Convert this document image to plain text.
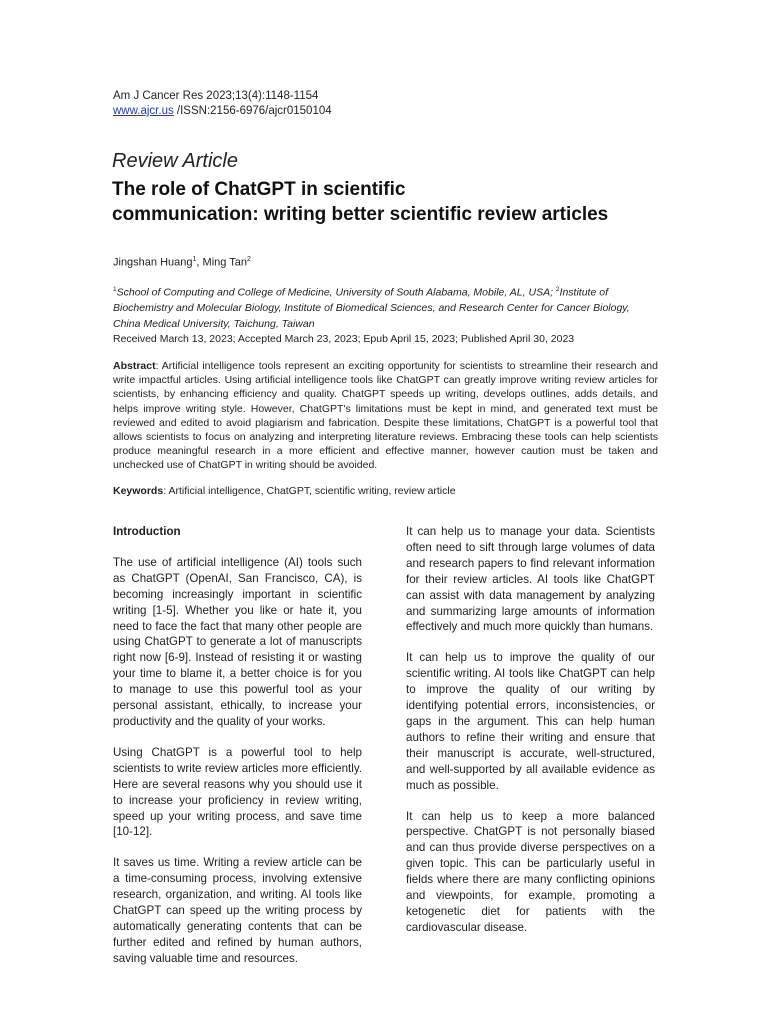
Am J Cancer Res 2023;13(4):1148-1154
www.ajcr.us /ISSN:2156-6976/ajcr0150104
Review Article
The role of ChatGPT in scientific
communication: writing better scientific review articles
Jingshan Huang$^1$, Ming Tan$^2$
$^1$School of Computing and College of Medicine, University of South Alabama, Mobile, AL, USA; $^2$Institute of Biochemistry and Molecular Biology, Institute of Biomedical Sciences, and Research Center for Cancer Biology, China Medical University, Taichung, Taiwan
Received March 13, 2023; Accepted March 23, 2023; Epub April 15, 2023; Published April 30, 2023
Abstract: Artificial intelligence tools represent an exciting opportunity for scientists to streamline their research and write impactful articles. Using artificial intelligence tools like ChatGPT can greatly improve writing review articles for scientists, by enhancing efficiency and quality. ChatGPT speeds up writing, develops outlines, adds details, and helps improve writing style. However, ChatGPT's limitations must be kept in mind, and generated text must be reviewed and edited to avoid plagiarism and fabrication. Despite these limitations, ChatGPT is a powerful tool that allows scientists to focus on analyzing and interpreting literature reviews. Embracing these tools can help scientists produce meaningful research in a more efficient and effective manner, however caution must be taken and unchecked use of ChatGPT in writing should be avoided.
Keywords: Artificial intelligence, ChatGPT, scientific writing, review article

Introduction

The use of artificial intelligence (AI) tools such as ChatGPT (OpenAI, San Francisco, CA), is becoming increasingly important in scientific writing [1-5]. Whether you like or hate it, you need to face the fact that many other people are using ChatGPT to generate a lot of manuscripts right now [6-9]. Instead of resisting it or wasting your time to blame it, a better choice is for you to manage to use this powerful tool as your personal assistant, ethically, to increase your productivity and the quality of your works.

Using ChatGPT is a powerful tool to help scientists to write review articles more efficiently. Here are several reasons why you should use it to increase your proficiency in review writing, speed up your writing process, and save time [10-12].

It saves us time. Writing a review article can be a time-consuming process, involving extensive research, organization, and writing. AI tools like ChatGPT can speed up the writing process by automatically generating contents that can be further edited and refined by human authors, saving valuable time and resources.

It can help us to manage your data. Scientists often need to sift through large volumes of data and research papers to find relevant information for their review articles. AI tools like ChatGPT can assist with data management by analyzing and summarizing large amounts of information effectively and much more quickly than humans.

It can help us to improve the quality of our scientific writing. AI tools like ChatGPT can help to improve the quality of our writing by identifying potential errors, inconsistencies, or gaps in the argument. This can help human authors to refine their writing and ensure that their manuscript is accurate, well-structured, and well-supported by all available evidence as much as possible.

It can help us to keep a more balanced perspective. ChatGPT is not personally biased and can thus provide diverse perspectives on a given topic. This can be particularly useful in fields where there are many conflicting opinions and viewpoints, for example, promoting a ketogenetic diet for patients with the cardiovascular disease.
